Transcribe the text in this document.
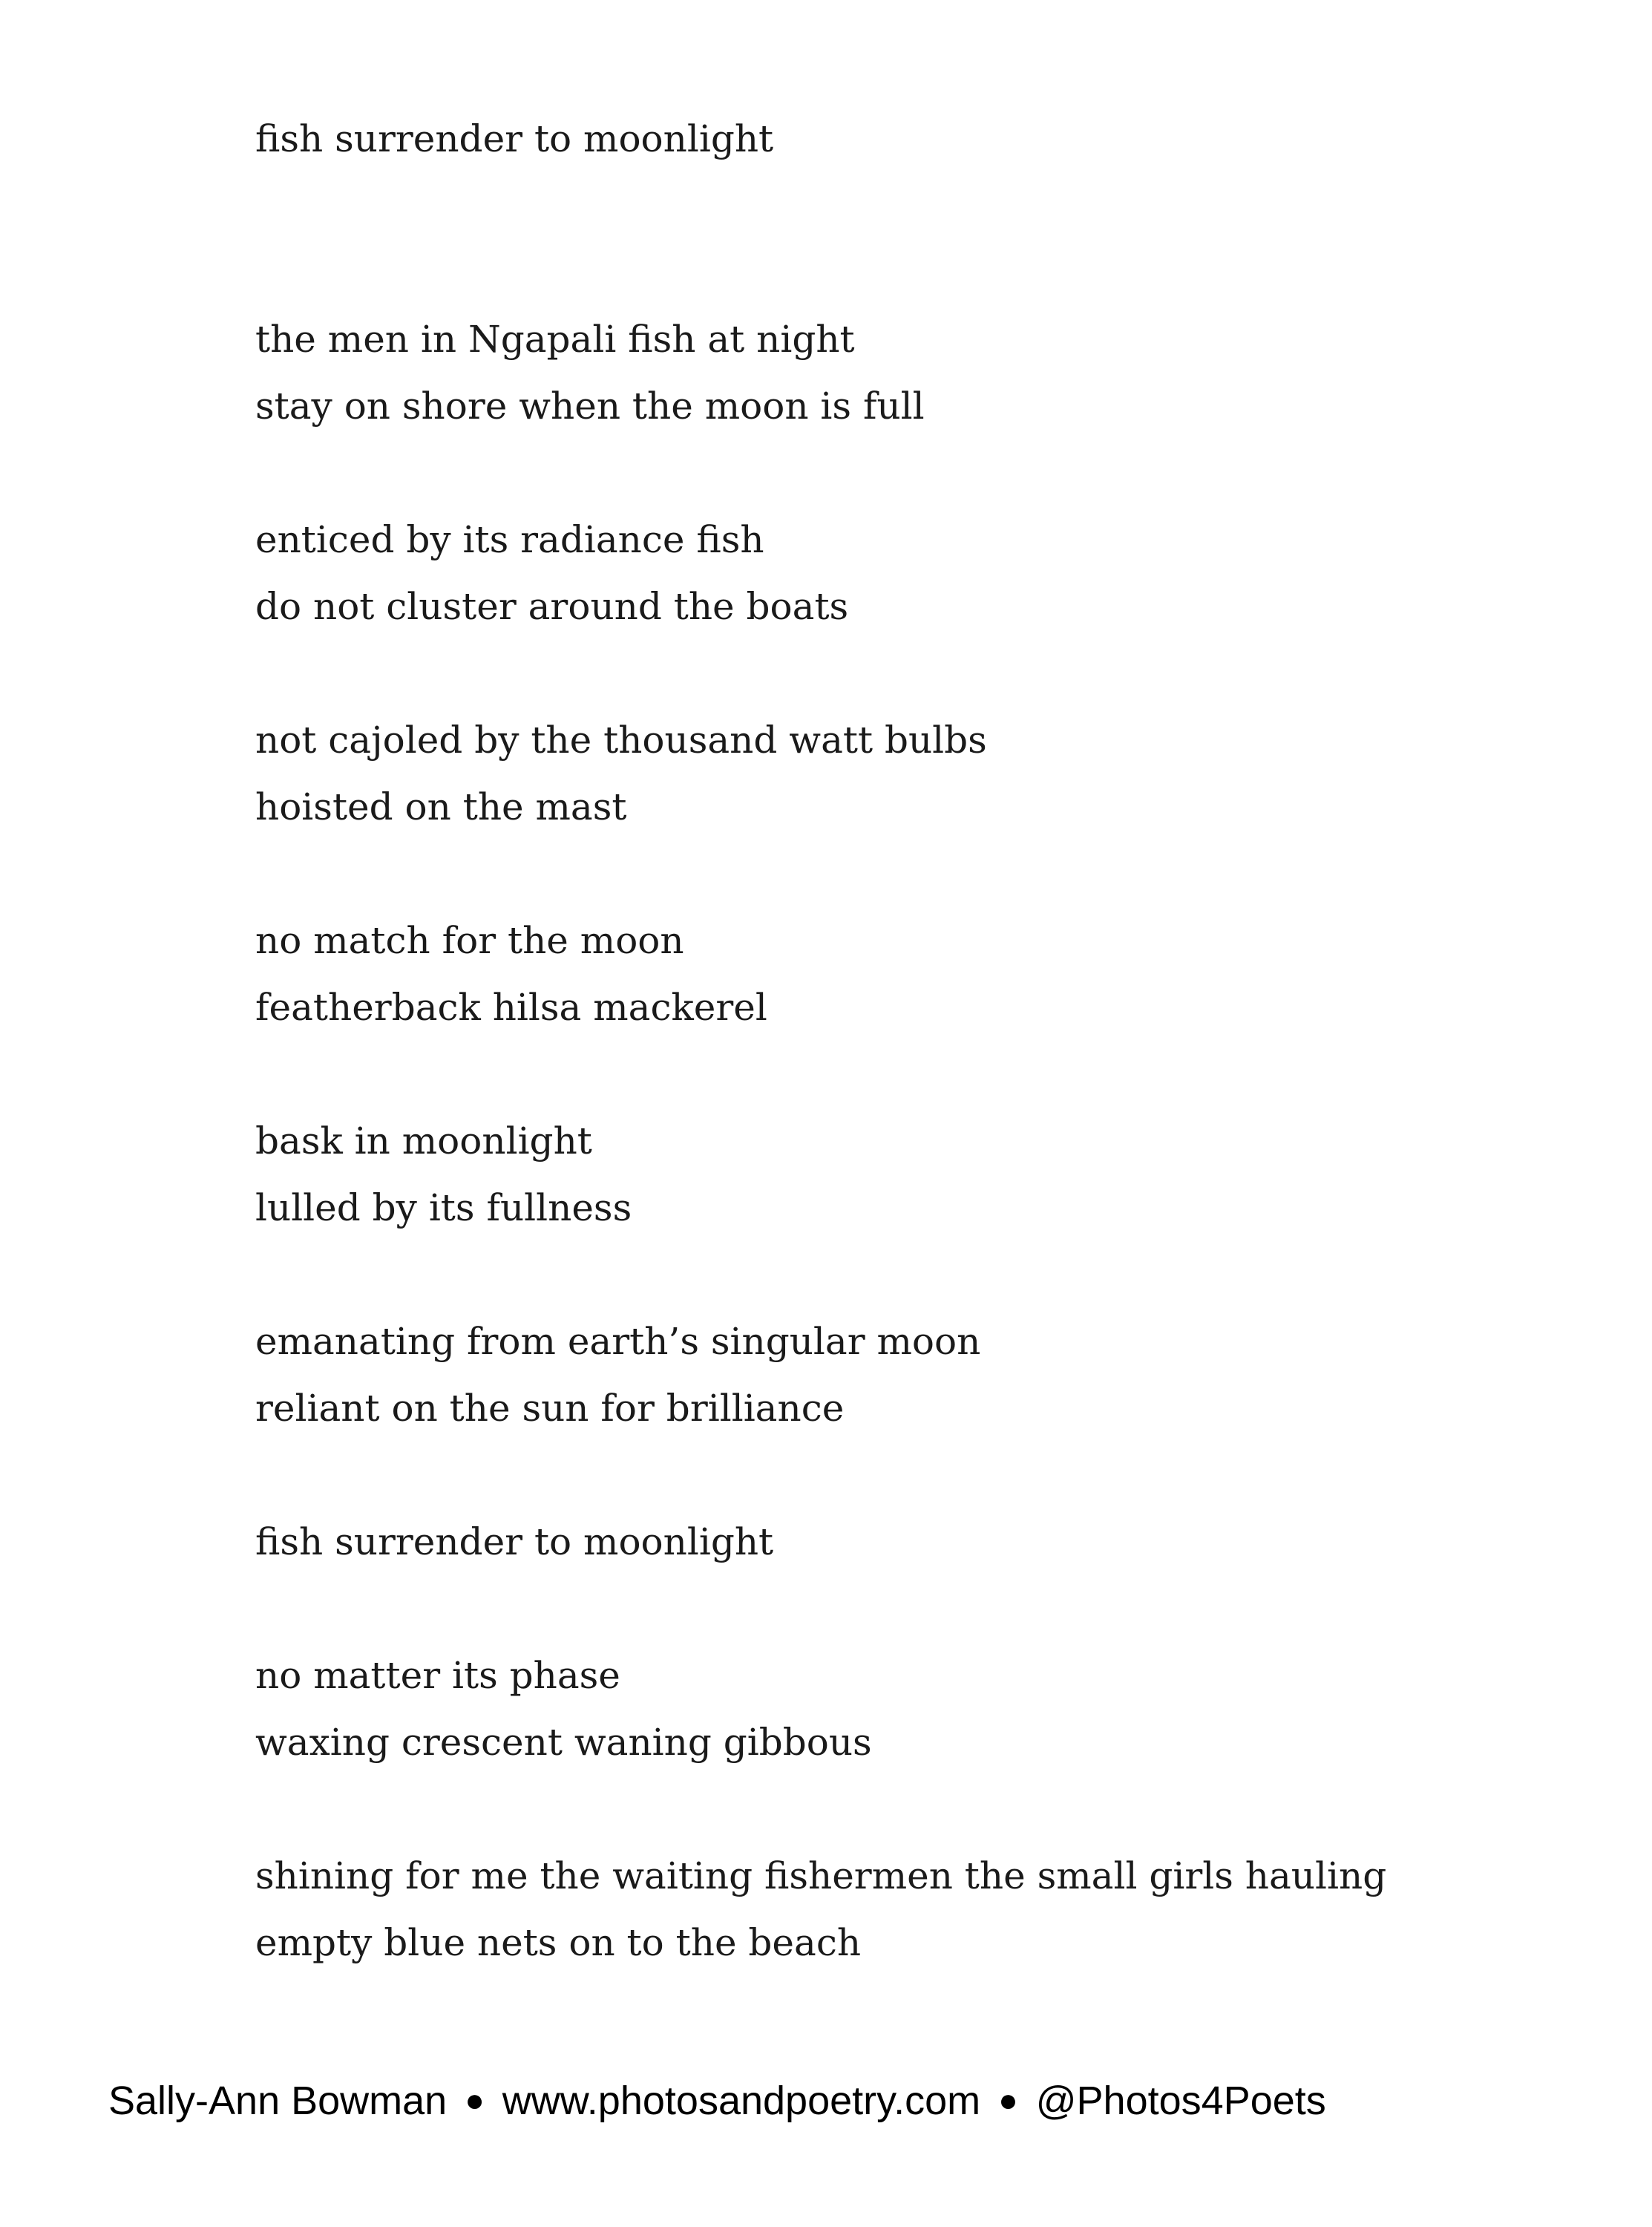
fish surrender to moonlight

the men in Ngapali fish at night
stay on shore when the moon is full

enticed by its radiance fish
do not cluster around the boats

not cajoled by the thousand watt bulbs
hoisted on the mast

no match for the moon
featherback hilsa mackerel

bask in moonlight
lulled by its fullness

emanating from earth’s singular moon
reliant on the sun for brilliance

fish surrender to moonlight

no matter its phase
waxing crescent waning gibbous

shining for me the waiting fishermen the small girls hauling
empty blue nets on to the beach

Sally-Ann Bowman ● www.photosandpoetry.com ● @Photos4Poets
